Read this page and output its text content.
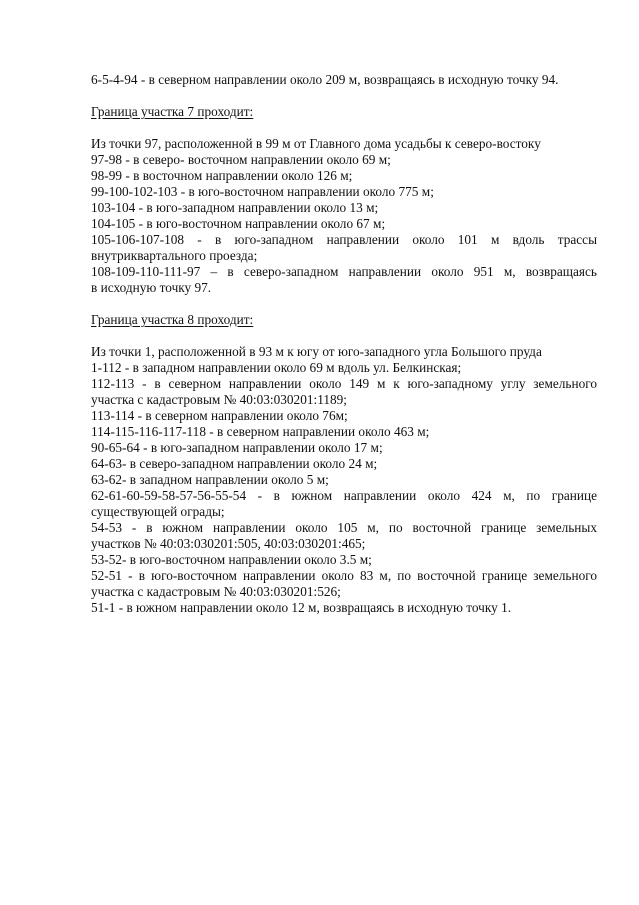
6-5-4-94 - в северном направлении около 209 м, возвращаясь в исходную точку 94.

Граница участка 7 проходит:

Из точки 97, расположенной в 99 м от Главного дома усадьбы к северо-востоку

97-98 - в северо- восточном направлении около 69 м;

98-99 - в восточном направлении около 126 м;

99-100-102-103 - в юго-восточном направлении около 775 м;

103-104 - в юго-западном направлении около 13 м;

104-105 - в юго-восточном направлении около 67 м;

105-106-107-108 - в юго-западном направлении около 101 м вдоль трассы

внутриквартального проезда;

108-109-110-111-97 – в северо-западном направлении около 951 м, возвращаясь

в исходную точку 97.

Граница участка 8 проходит:

Из точки 1, расположенной в 93 м к югу от юго-западного угла Большого пруда

1-112 - в западном направлении около 69 м вдоль ул. Белкинская;

112-113 - в северном направлении около 149 м к юго-западному углу земельного

участка с кадастровым № 40:03:030201:1189;

113-114 - в северном направлении около 76м;

114-115-116-117-118 - в северном направлении около 463 м;

90-65-64 - в юго-западном направлении около 17 м;

64-63- в северо-западном направлении около 24 м;

63-62- в западном направлении около 5 м;

62-61-60-59-58-57-56-55-54 - в южном направлении около 424 м, по границе

существующей ограды;

54-53 - в южном направлении около 105 м, по восточной границе земельных

участков № 40:03:030201:505, 40:03:030201:465;

53-52- в юго-восточном направлении около 3.5 м;

52-51 - в юго-восточном направлении около 83 м, по восточной границе земельного

участка с кадастровым № 40:03:030201:526;

51-1 - в южном направлении около 12 м, возвращаясь в исходную точку 1.
